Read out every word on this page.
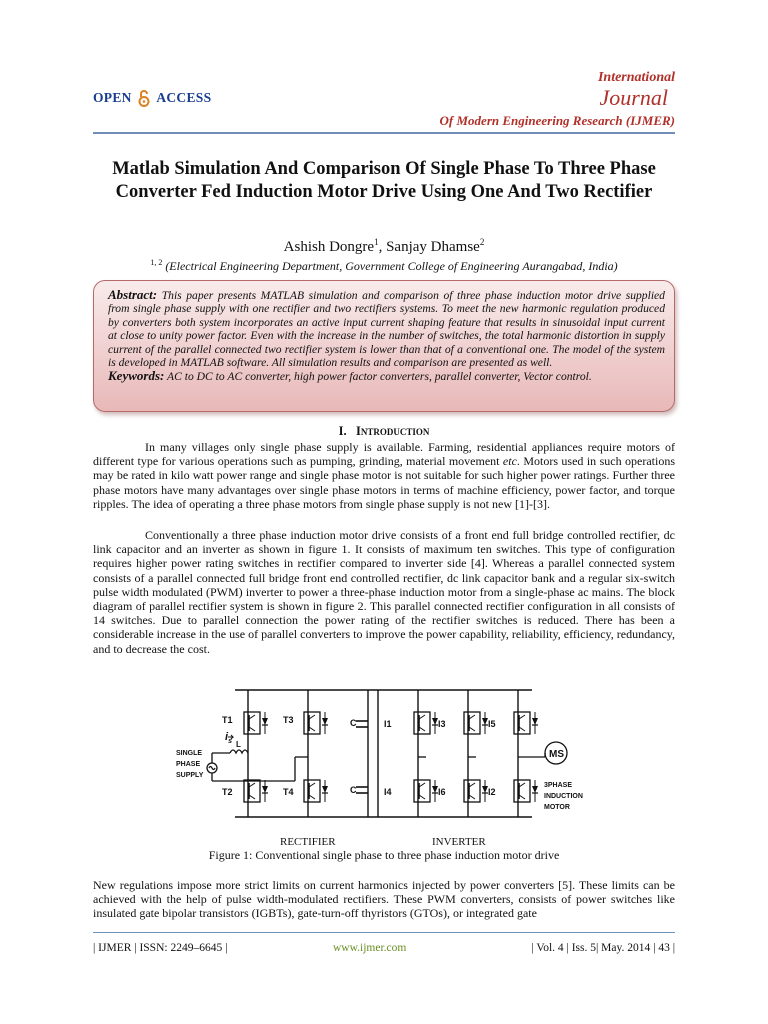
OPEN ACCESS
International
Journal
Of Modern Engineering Research (IJMER)
Matlab Simulation And Comparison Of Single Phase To Three Phase Converter Fed Induction Motor Drive Using One And Two Rectifier
Ashish Dongre$^1$, Sanjay Dhamse$^2$
$^{1, 2}$ (Electrical Engineering Department, Government College of Engineering Aurangabad, India)
Abstract: This paper presents MATLAB simulation and comparison of three phase induction motor drive supplied from single phase supply with one rectifier and two rectifiers systems. To meet the new harmonic regulation produced by converters both system incorporates an active input current shaping feature that results in sinusoidal input current at close to unity power factor. Even with the increase in the number of switches, the total harmonic distortion in supply current of the parallel connected two rectifier system is lower than that of a conventional one. The model of the system is developed in MATLAB software. All simulation results and comparison are presented as well.
Keywords: AC to DC to AC converter, high power factor converters, parallel converter, Vector control.
I. Introduction
In many villages only single phase supply is available. Farming, residential appliances require motors of different type for various operations such as pumping, grinding, material movement etc. Motors used in such operations may be rated in kilo watt power range and single phase motor is not suitable for such higher power ratings. Further three phase motors have many advantages over single phase motors in terms of machine efficiency, power factor, and torque ripples. The idea of operating a three phase motors from single phase supply is not new [1]-[3].
Conventionally a three phase induction motor drive consists of a front end full bridge controlled rectifier, dc link capacitor and an inverter as shown in figure 1. It consists of maximum ten switches. This type of configuration requires higher power rating switches in rectifier compared to inverter side [4]. Whereas a parallel connected system consists of a parallel connected full bridge front end controlled rectifier, dc link capacitor bank and a regular six-switch pulse width modulated (PWM) inverter to power a three-phase induction motor from a single-phase ac mains. The block diagram of parallel rectifier system is shown in figure 2. This parallel connected rectifier configuration in all consists of 14 switches. Due to parallel connection the power rating of the rectifier switches is reduced. There has been a considerable increase in the use of parallel converters to improve the power capability, reliability, efficiency, redundancy, and to decrease the cost.
T1
T2
T3
T4
C
C
I1
I4
I3
I6
I5
I2
MS
$i_s$ L
SINGLE
PHASE
SUPPLY
3PHASE
INDUCTION
MOTOR
RECTIFIER	INVERTER
Figure 1: Conventional single phase to three phase induction motor drive
New regulations impose more strict limits on current harmonics injected by power converters [5]. These limits can be achieved with the help of pulse width-modulated rectifiers. These PWM converters, consists of power switches like insulated gate bipolar transistors (IGBTs), gate-turn-off thyristors (GTOs), or integrated gate
| IJMER | ISSN: 2249–6645 |	www.ijmer.com	| Vol. 4 | Iss. 5| May. 2014 | 43 |
